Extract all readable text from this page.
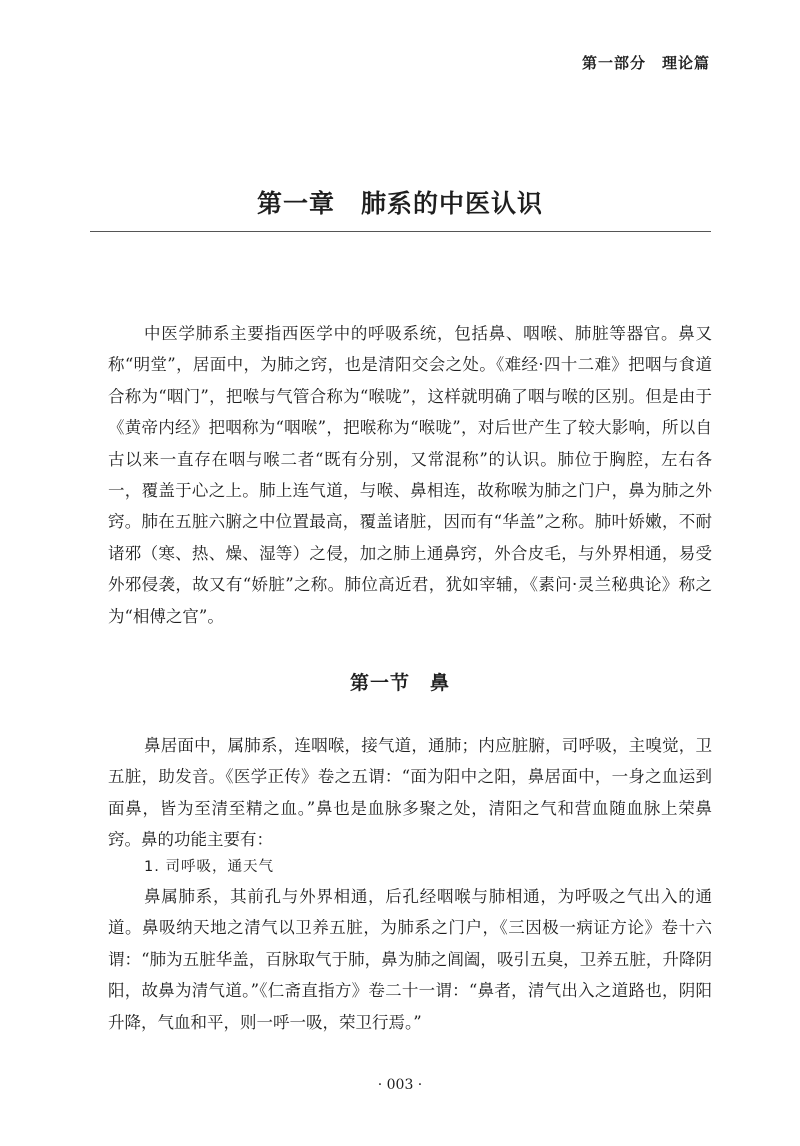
第一部分　理论篇
第一章　肺系的中医认识

中医学肺系主要指西医学中的呼吸系统，包括鼻、咽喉、肺脏等器官。鼻又称“明堂”，居面中，为肺之窍，也是清阳交会之处。《难经·四十二难》把咽与食道合称为“咽门”，把喉与气管合称为“喉咙”，这样就明确了咽与喉的区别。但是由于《黄帝内经》把咽称为“咽喉”，把喉称为“喉咙”，对后世产生了较大影响，所以自古以来一直存在咽与喉二者“既有分别，又常混称”的认识。肺位于胸腔，左右各一，覆盖于心之上。肺上连气道，与喉、鼻相连，故称喉为肺之门户，鼻为肺之外窍。肺在五脏六腑之中位置最高，覆盖诸脏，因而有“华盖”之称。肺叶娇嫩，不耐诸邪（寒、热、燥、湿等）之侵，加之肺上通鼻窍，外合皮毛，与外界相通，易受外邪侵袭，故又有“娇脏”之称。肺位高近君，犹如宰辅，《素问·灵兰秘典论》称之为“相傅之官”。

第一节　鼻

鼻居面中，属肺系，连咽喉，接气道，通肺；内应脏腑，司呼吸，主嗅觉，卫五脏，助发音。《医学正传》卷之五谓：“面为阳中之阳，鼻居面中，一身之血运到面鼻，皆为至清至精之血。”鼻也是血脉多聚之处，清阳之气和营血随血脉上荣鼻窍。鼻的功能主要有：

1. 司呼吸，通天气

鼻属肺系，其前孔与外界相通，后孔经咽喉与肺相通，为呼吸之气出入的通道。鼻吸纳天地之清气以卫养五脏，为肺系之门户，《三因极一病证方论》卷十六谓：“肺为五脏华盖，百脉取气于肺，鼻为肺之阊阖，吸引五臭，卫养五脏，升降阴阳，故鼻为清气道。”《仁斋直指方》卷二十一谓：“鼻者，清气出入之道路也，阴阳升降，气血和平，则一呼一吸，荣卫行焉。”

· 003 ·
